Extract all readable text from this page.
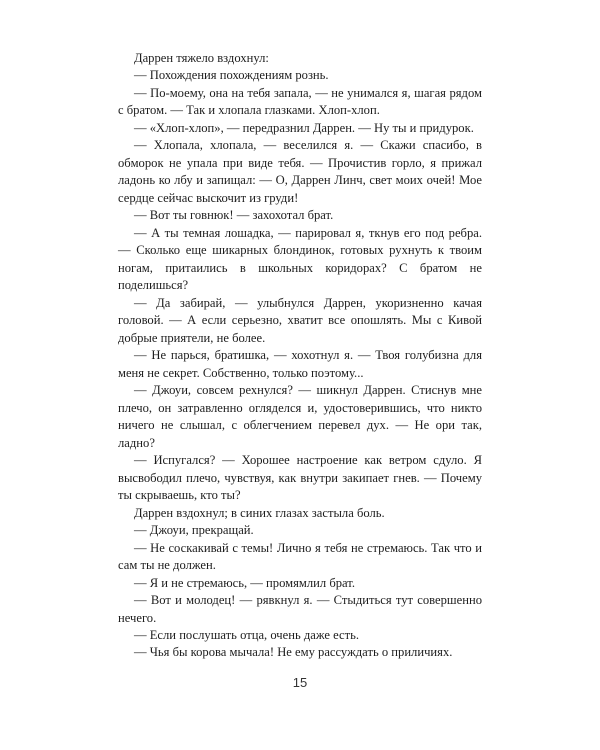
Даррен тяжело вздохнул:

— Похождения похождениям рознь.

— По-моему, она на тебя запала, — не унимался я, шагая рядом с братом. — Так и хлопала глазками. Хлоп-хлоп.

— «Хлоп-хлоп», — передразнил Даррен. — Ну ты и придурок.

— Хлопала, хлопала, — веселился я. — Скажи спасибо, в обморок не упала при виде тебя. — Прочистив горло, я прижал ладонь ко лбу и запищал: — О, Даррен Линч, свет моих очей! Мое сердце сейчас выскочит из груди!

— Вот ты говнюк! — захохотал брат.

— А ты темная лошадка, — парировал я, ткнув его под ребра. — Сколько еще шикарных блондинок, готовых рухнуть к твоим ногам, притаились в школьных коридорах? С братом не поделишься?

— Да забирай, — улыбнулся Даррен, укоризненно качая головой. — А если серьезно, хватит все опошлять. Мы с Кивой добрые приятели, не более.

— Не парься, братишка, — хохотнул я. — Твоя голубизна для меня не секрет. Собственно, только поэтому...

— Джоуи, совсем рехнулся? — шикнул Даррен. Стиснув мне плечо, он затравленно огляделся и, удостоверившись, что никто ничего не слышал, с облегчением перевел дух. — Не ори так, ладно?

— Испугался? — Хорошее настроение как ветром сдуло. Я высвободил плечо, чувствуя, как внутри закипает гнев. — Почему ты скрываешь, кто ты?

Даррен вздохнул; в синих глазах застыла боль.

— Джоуи, прекращай.

— Не соскакивай с темы! Лично я тебя не стремаюсь. Так что и сам ты не должен.

— Я и не стремаюсь, — промямлил брат.

— Вот и молодец! — рявкнул я. — Стыдиться тут совершенно нечего.

— Если послушать отца, очень даже есть.

— Чья бы корова мычала! Не ему рассуждать о приличиях.

15
